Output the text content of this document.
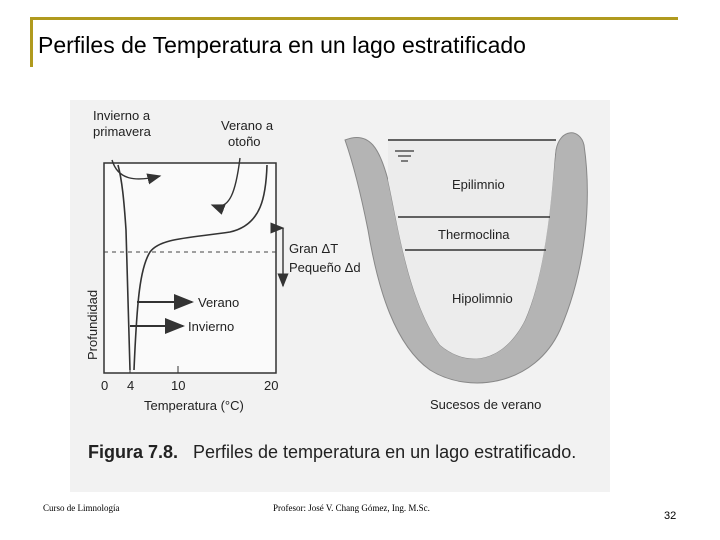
Perfiles de Temperatura en un lago estratificado
Invierno a
primavera	Verano a
otoño
Gran ΔT
Pequeño Δd
Verano
Invierno
Profundidad
0 4	10	20
Temperatura (°C)
Epilimnio
Thermoclina
Hipolimnio
Sucesos de verano
Figura 7.8. Perfiles de temperatura en un lago estratificado.
Curso de Limnología	Profesor: José V. Chang Gómez, Ing. M.Sc.
32
